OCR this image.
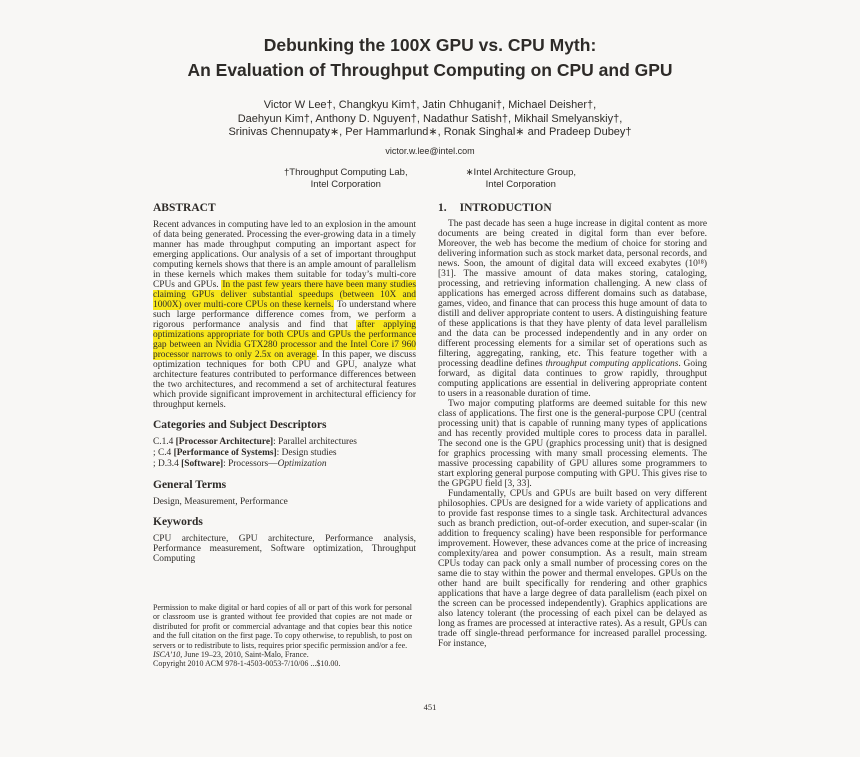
Debunking the 100X GPU vs. CPU Myth:
An Evaluation of Throughput Computing on CPU and GPU
Victor W Lee†, Changkyu Kim†, Jatin Chhugani†, Michael Deisher†,
Daehyun Kim†, Anthony D. Nguyen†, Nadathur Satish†, Mikhail Smelyanskiy†,
Srinivas Chennupaty∗, Per Hammarlund∗, Ronak Singhal∗ and Pradeep Dubey†
victor.w.lee@intel.com
†Throughput Computing Lab,
Intel Corporation
∗Intel Architecture Group,
Intel Corporation
ABSTRACT

Recent advances in computing have led to an explosion in the amount of data being generated. Processing the ever-growing data in a timely manner has made throughput computing an important aspect for emerging applications. Our analysis of a set of important throughput computing kernels shows that there is an ample amount of parallelism in these kernels which makes them suitable for today’s multi-core CPUs and GPUs. In the past few years there have been many studies claiming GPUs deliver substantial speedups (between 10X and 1000X) over multi-core CPUs on these kernels. To understand where such large performance difference comes from, we perform a rigorous performance analysis and find that after applying optimizations appropriate for both CPUs and GPUs the performance gap between an Nvidia GTX280 processor and the Intel Core i7 960 processor narrows to only 2.5x on average. In this paper, we discuss optimization techniques for both CPU and GPU, analyze what architecture features contributed to performance differences between the two architectures, and recommend a set of architectural features which provide significant improvement in architectural efficiency for throughput kernels.

Categories and Subject Descriptors
C.1.4 [Processor Architecture]: Parallel architectures
; C.4 [Performance of Systems]: Design studies
; D.3.4 [Software]: Processors—Optimization
General Terms
Design, Measurement, Performance
Keywords

CPU architecture, GPU architecture, Performance analysis, Performance measurement, Software optimization, Throughput Computing

Permission to make digital or hard copies of all or part of this work for personal or classroom use is granted without fee provided that copies are not made or distributed for profit or commercial advantage and that copies bear this notice and the full citation on the first page. To copy otherwise, to republish, to post on servers or to redistribute to lists, requires prior specific permission and/or a fee.
ISCA’10, June 19–23, 2010, Saint-Malo, France.
Copyright 2010 ACM 978-1-4503-0053-7/10/06 ...$10.00.
1. INTRODUCTION

The past decade has seen a huge increase in digital content as more documents are being created in digital form than ever before. Moreover, the web has become the medium of choice for storing and delivering information such as stock market data, personal records, and news. Soon, the amount of digital data will exceed exabytes (10¹⁸) [31]. The massive amount of data makes storing, cataloging, processing, and retrieving information challenging. A new class of applications has emerged across different domains such as database, games, video, and finance that can process this huge amount of data to distill and deliver appropriate content to users. A distinguishing feature of these applications is that they have plenty of data level parallelism and the data can be processed independently and in any order on different processing elements for a similar set of operations such as filtering, aggregating, ranking, etc. This feature together with a processing deadline defines throughput computing applications. Going forward, as digital data continues to grow rapidly, throughput computing applications are essential in delivering appropriate content to users in a reasonable duration of time.

Two major computing platforms are deemed suitable for this new class of applications. The first one is the general-purpose CPU (central processing unit) that is capable of running many types of applications and has recently provided multiple cores to process data in parallel. The second one is the GPU (graphics processing unit) that is designed for graphics processing with many small processing elements. The massive processing capability of GPU allures some programmers to start exploring general purpose computing with GPU. This gives rise to the GPGPU field [3, 33].

Fundamentally, CPUs and GPUs are built based on very different philosophies. CPUs are designed for a wide variety of applications and to provide fast response times to a single task. Architectural advances such as branch prediction, out-of-order execution, and super-scalar (in addition to frequency scaling) have been responsible for performance improvement. However, these advances come at the price of increasing complexity/area and power consumption. As a result, main stream CPUs today can pack only a small number of processing cores on the same die to stay within the power and thermal envelopes. GPUs on the other hand are built specifically for rendering and other graphics applications that have a large degree of data parallelism (each pixel on the screen can be processed independently). Graphics applications are also latency tolerant (the processing of each pixel can be delayed as long as frames are processed at interactive rates). As a result, GPUs can trade off single-thread performance for increased parallel processing. For instance,

451
